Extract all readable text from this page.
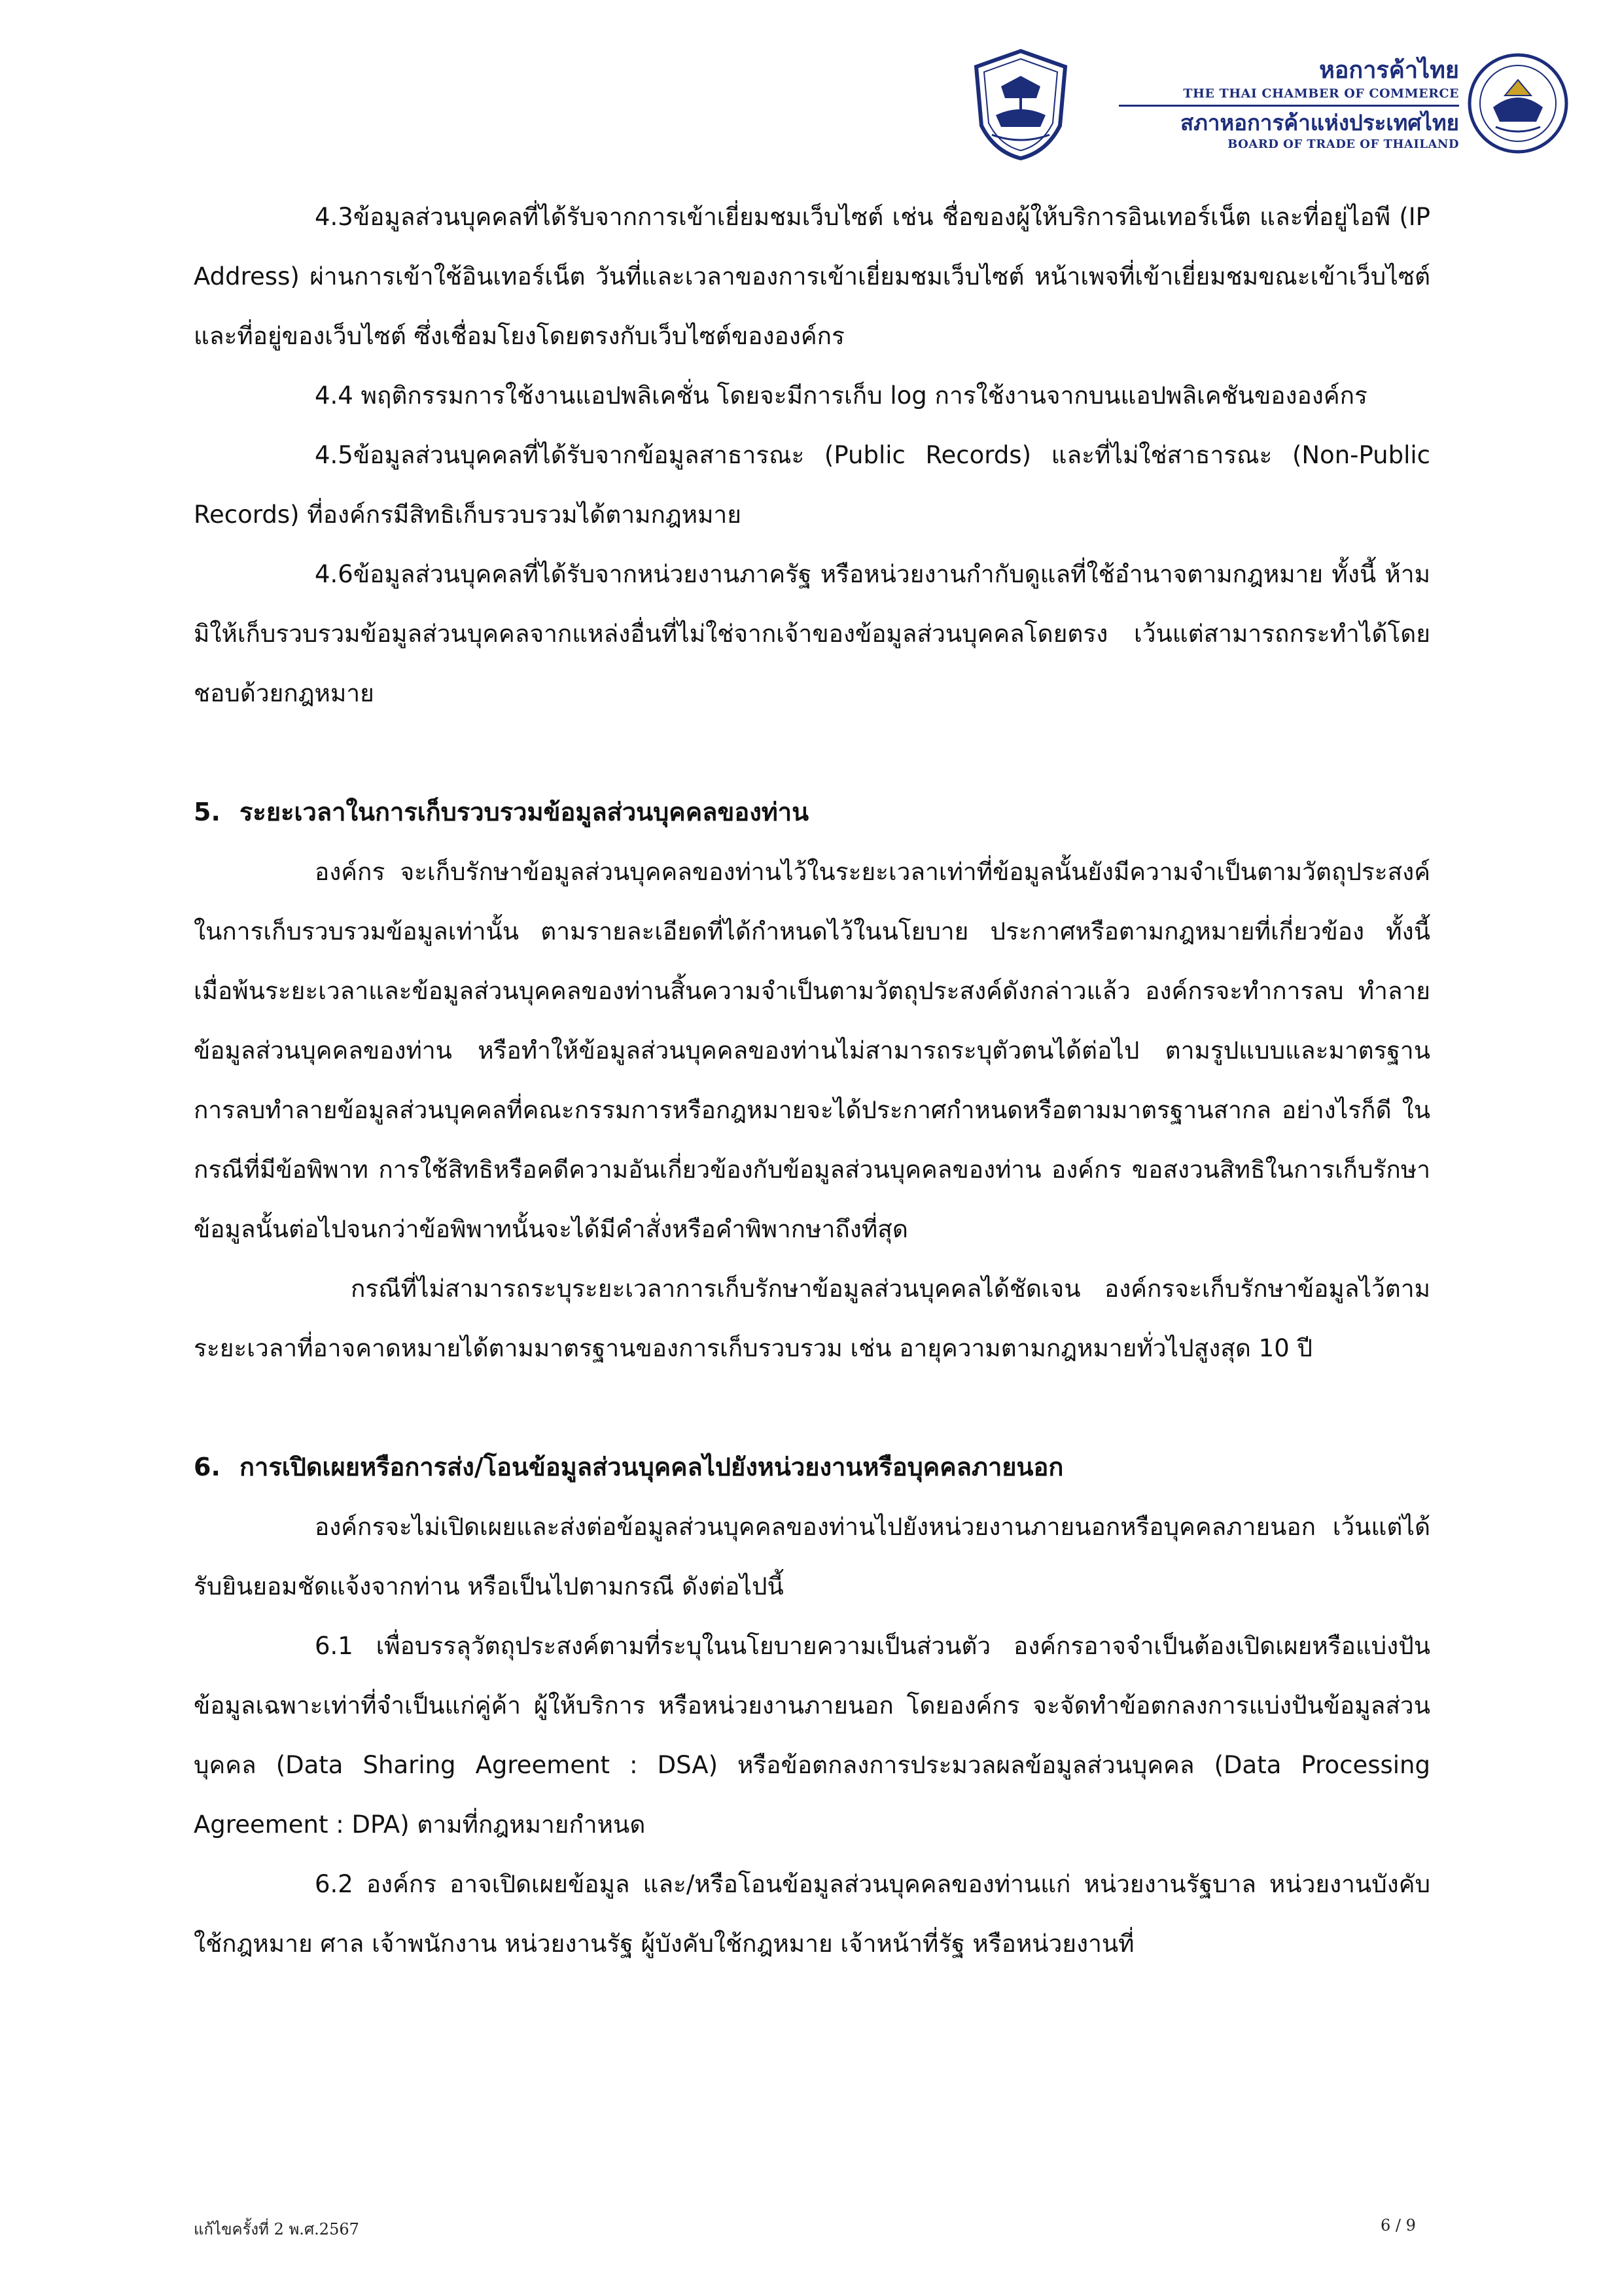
หอการค้าไทย
THE THAI CHAMBER OF COMMERCE
สภาหอการค้าแห่งประเทศไทย
BOARD OF TRADE OF THAILAND

4.3ข้อมูลส่วนบุคคลที่ได้รับจากการเข้าเยี่ยมชมเว็บไซต์ เช่น ชื่อของผู้ให้บริการอินเทอร์เน็ต และที่อยู่ไอพี (IP Address) ผ่านการเข้าใช้อินเทอร์เน็ต วันที่และเวลาของการเข้าเยี่ยมชมเว็บไซต์ หน้าเพจที่เข้าเยี่ยมชมขณะเข้าเว็บไซต์ และที่อยู่ของเว็บไซต์ ซึ่งเชื่อมโยงโดยตรงกับเว็บไซต์ขององค์กร

4.4 พฤติกรรมการใช้งานแอปพลิเคชั่น โดยจะมีการเก็บ log การใช้งานจากบนแอปพลิเคชันขององค์กร

4.5ข้อมูลส่วนบุคคลที่ได้รับจากข้อมูลสาธารณะ (Public Records) และที่ไม่ใช่สาธารณะ (Non-Public Records) ที่องค์กรมีสิทธิเก็บรวบรวมได้ตามกฎหมาย

4.6ข้อมูลส่วนบุคคลที่ได้รับจากหน่วยงานภาครัฐ หรือหน่วยงานกำกับดูแลที่ใช้อำนาจตามกฎหมาย ทั้งนี้ ห้ามมิให้เก็บรวบรวมข้อมูลส่วนบุคคลจากแหล่งอื่นที่ไม่ใช่จากเจ้าของข้อมูลส่วนบุคคลโดยตรง เว้นแต่สามารถกระทำได้โดยชอบด้วยกฎหมาย

5. ระยะเวลาในการเก็บรวบรวมข้อมูลส่วนบุคคลของท่าน

องค์กร จะเก็บรักษาข้อมูลส่วนบุคคลของท่านไว้ในระยะเวลาเท่าที่ข้อมูลนั้นยังมีความจำเป็นตามวัตถุประสงค์ในการเก็บรวบรวมข้อมูลเท่านั้น ตามรายละเอียดที่ได้กำหนดไว้ในนโยบาย ประกาศหรือตามกฎหมายที่เกี่ยวข้อง ทั้งนี้ เมื่อพ้นระยะเวลาและข้อมูลส่วนบุคคลของท่านสิ้นความจำเป็นตามวัตถุประสงค์ดังกล่าวแล้ว องค์กรจะทำการลบ ทำลายข้อมูลส่วนบุคคลของท่าน หรือทำให้ข้อมูลส่วนบุคคลของท่านไม่สามารถระบุตัวตนได้ต่อไป ตามรูปแบบและมาตรฐานการลบทำลายข้อมูลส่วนบุคคลที่คณะกรรมการหรือกฎหมายจะได้ประกาศกำหนดหรือตามมาตรฐานสากล อย่างไรก็ดี ในกรณีที่มีข้อพิพาท การใช้สิทธิหรือคดีความอันเกี่ยวข้องกับข้อมูลส่วนบุคคลของท่าน องค์กร ขอสงวนสิทธิในการเก็บรักษาข้อมูลนั้นต่อไปจนกว่าข้อพิพาทนั้นจะได้มีคำสั่งหรือคำพิพากษาถึงที่สุด

กรณีที่ไม่สามารถระบุระยะเวลาการเก็บรักษาข้อมูลส่วนบุคคลได้ชัดเจน องค์กรจะเก็บรักษาข้อมูลไว้ตามระยะเวลาที่อาจคาดหมายได้ตามมาตรฐานของการเก็บรวบรวม เช่น อายุความตามกฎหมายทั่วไปสูงสุด 10 ปี

6. การเปิดเผยหรือการส่ง/โอนข้อมูลส่วนบุคคลไปยังหน่วยงานหรือบุคคลภายนอก

องค์กรจะไม่เปิดเผยและส่งต่อข้อมูลส่วนบุคคลของท่านไปยังหน่วยงานภายนอกหรือบุคคลภายนอก เว้นแต่ได้รับยินยอมชัดแจ้งจากท่าน หรือเป็นไปตามกรณี ดังต่อไปนี้

6.1 เพื่อบรรลุวัตถุประสงค์ตามที่ระบุในนโยบายความเป็นส่วนตัว องค์กรอาจจำเป็นต้องเปิดเผยหรือแบ่งปันข้อมูลเฉพาะเท่าที่จำเป็นแก่คู่ค้า ผู้ให้บริการ หรือหน่วยงานภายนอก โดยองค์กร จะจัดทำข้อตกลงการแบ่งปันข้อมูลส่วนบุคคล (Data Sharing Agreement : DSA) หรือข้อตกลงการประมวลผลข้อมูลส่วนบุคคล (Data Processing Agreement : DPA) ตามที่กฎหมายกำหนด

6.2 องค์กร อาจเปิดเผยข้อมูล และ/หรือโอนข้อมูลส่วนบุคคลของท่านแก่ หน่วยงานรัฐบาล หน่วยงานบังคับใช้กฎหมาย ศาล เจ้าพนักงาน หน่วยงานรัฐ ผู้บังคับใช้กฎหมาย เจ้าหน้าที่รัฐ หรือหน่วยงานที่

แก้ไขครั้งที่ 2 พ.ศ.2567	6 / 9
